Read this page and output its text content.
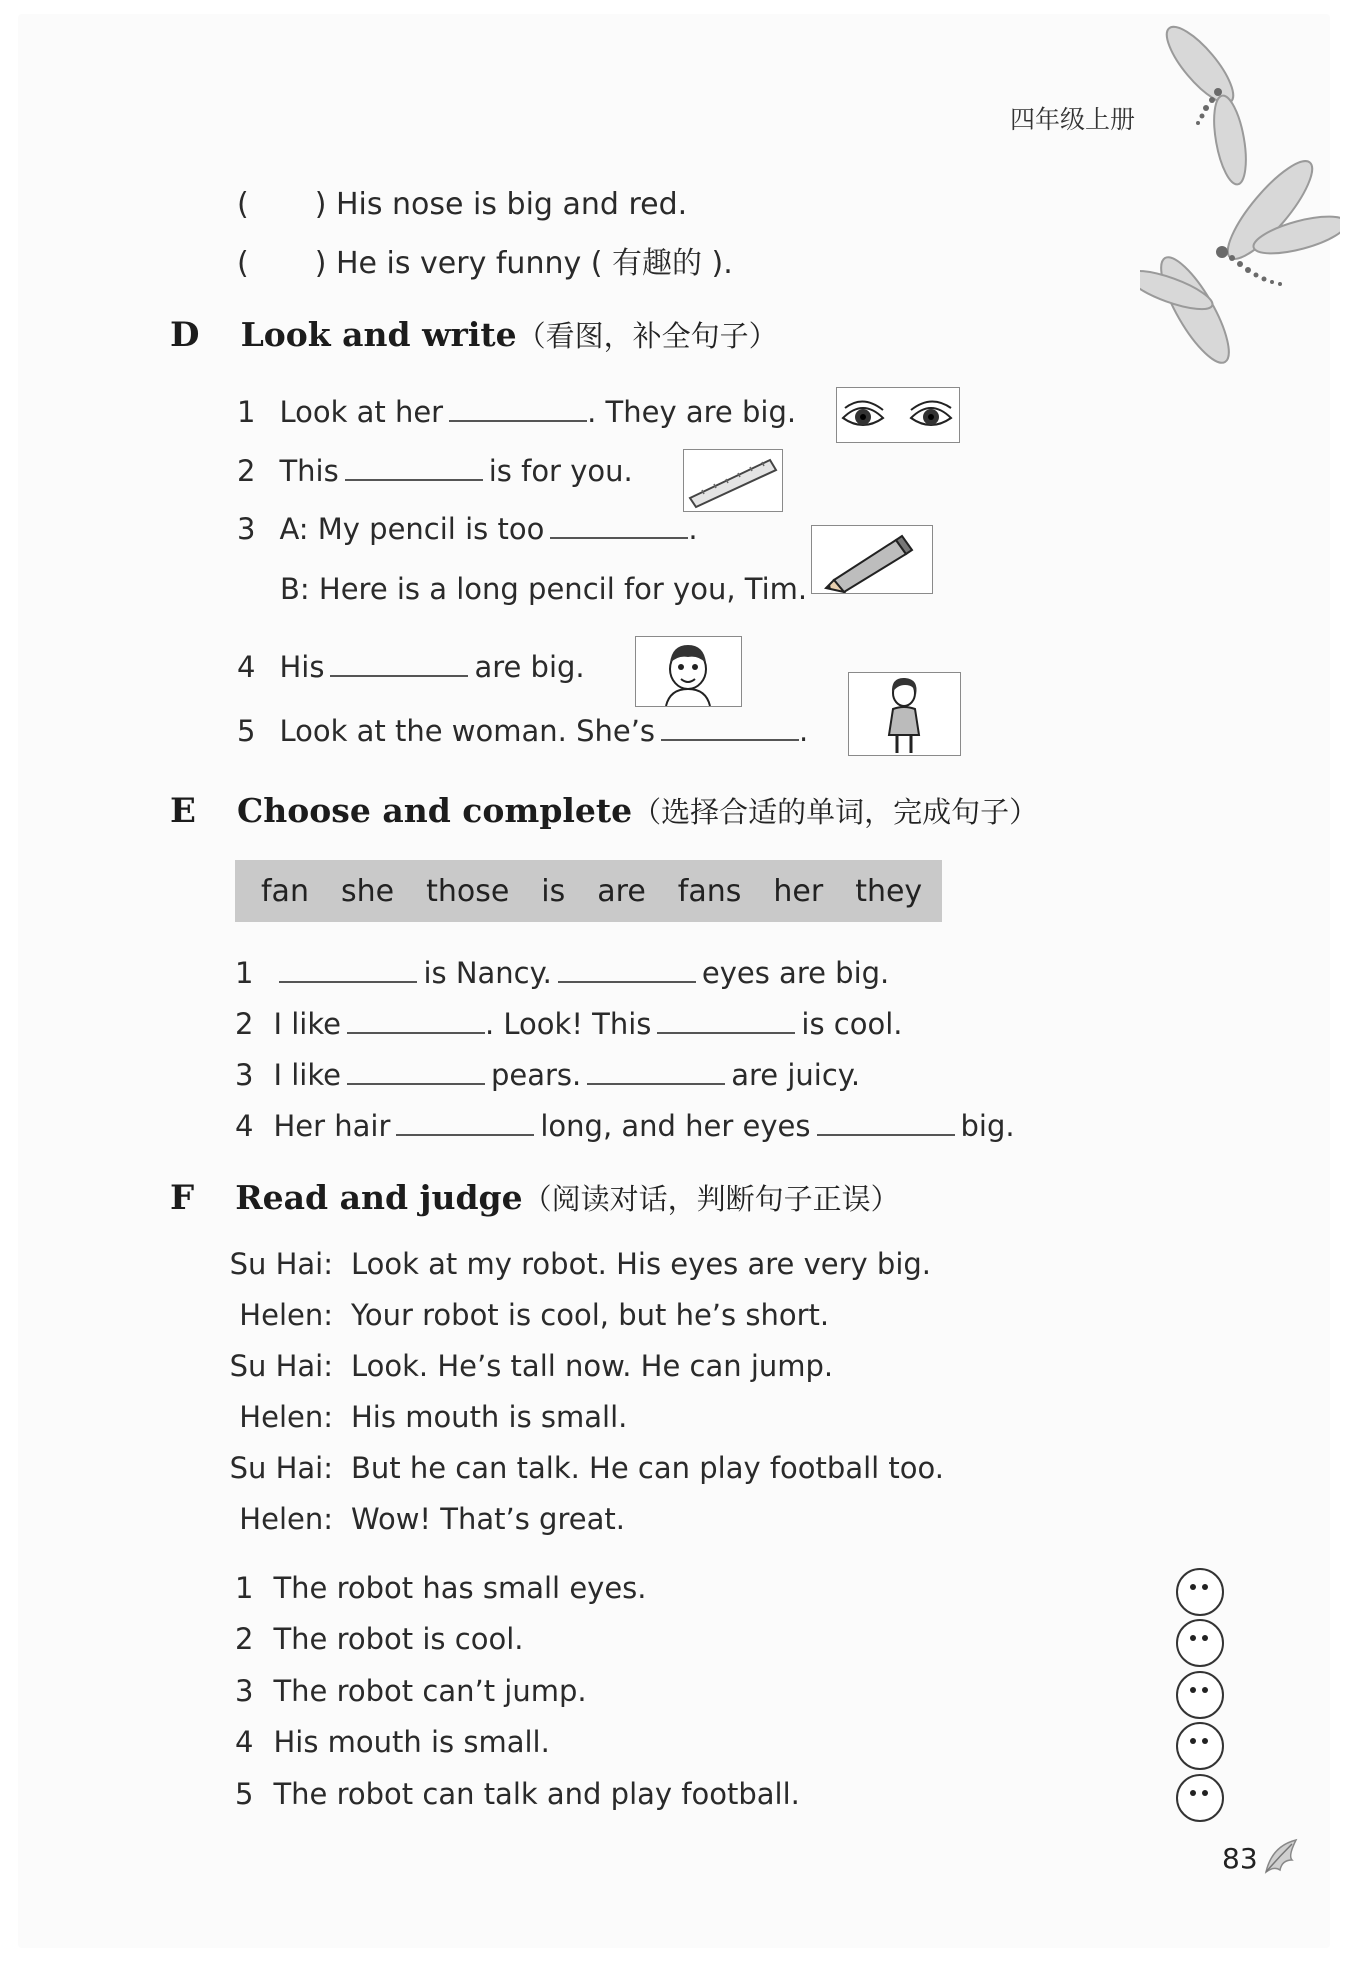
四年级上册
( ) His nose is big and red.
( ) He is very funny ( 有趣的 ).
D Look and write（看图，补全句子）
1 Look at her	. They are big.
2 This	is for you.
3 A: My pencil is too	.
B: Here is a long pencil for you, Tim.
4 His	are big.
5 Look at the woman. She’s	.
E Choose and complete（选择合适的单词，完成句子）
fan she those is are fans her they
1	is Nancy.	eyes are big.
2 I like	. Look! This	is cool.
3 I like	pears.	are juicy.
4 Her hair	long, and her eyes	big.
F Read and judge（阅读对话，判断句子正误）
Su Hai: Look at my robot. His eyes are very big.
Helen: Your robot is cool, but he’s short.
Su Hai: Look. He’s tall now. He can jump.
Helen: His mouth is small.
Su Hai: But he can talk. He can play football too.
Helen: Wow! That’s great.
1 The robot has small eyes.
2 The robot is cool.
3 The robot can’t jump.
4 His mouth is small.
5 The robot can talk and play football.
83
